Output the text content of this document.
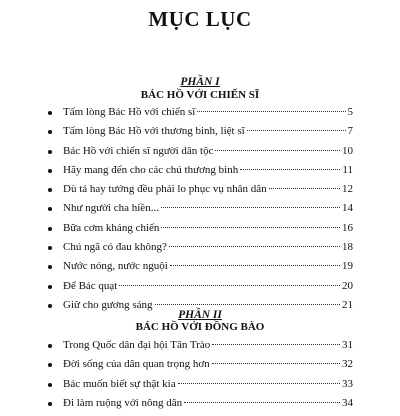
MỤC LỤC
PHẦN I
BÁC HỒ VỚI CHIẾN SĨ
Tấm lòng Bác Hồ với chiến sĩ	5
Tấm lòng Bác Hồ với thương binh, liệt sĩ	7
Bác Hồ với chiến sĩ người dân tộc	10
Hãy mang đến cho các chú thương binh	11
Dù tá hay tướng đều phải lo phục vụ nhân dân	12
Như người cha hiền...	14
Bữa cơm kháng chiến	16
Chú ngã có đau không?	18
Nước nóng, nước nguội	19
Để Bác quạt	20
Giữ cho gương sáng	21
PHẦN II
BÁC HỒ VỚI ĐỒNG BÀO
Trong Quốc dân đại hội Tân Trào	31
Đời sống của dân quan trọng hơn	32
Bác muốn biết sự thật kia	33
Đi làm ruộng với nông dân	34
